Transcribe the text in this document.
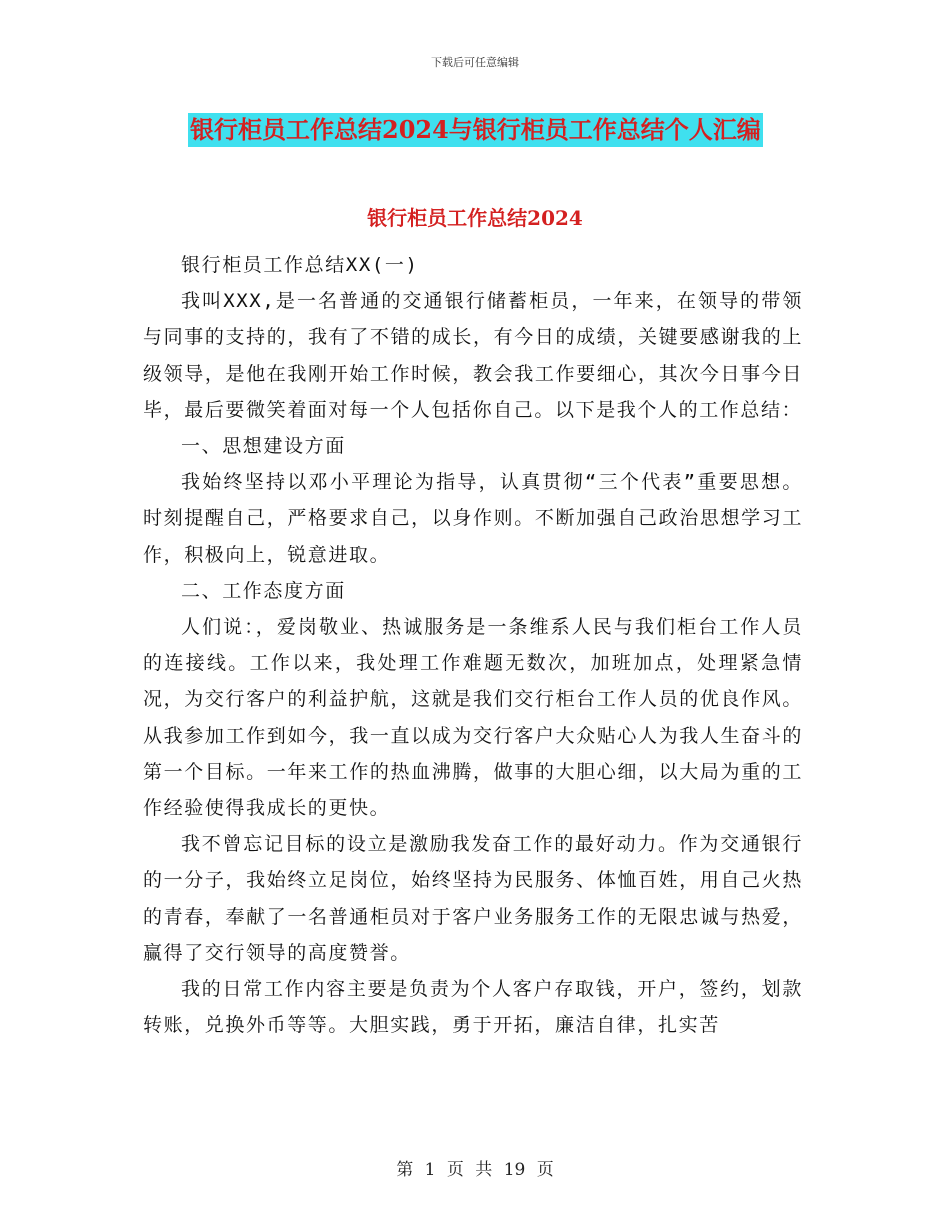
下载后可任意编辑
银行柜员工作总结2024与银行柜员工作总结个人汇编
银行柜员工作总结2024

银行柜员工作总结XX(一)

我叫XXX,是一名普通的交通银行储蓄柜员，一年来，在领导的带领与同事的支持的，我有了不错的成长，有今日的成绩，关键要感谢我的上级领导，是他在我刚开始工作时候，教会我工作要细心，其次今日事今日毕，最后要微笑着面对每一个人包括你自己。以下是我个人的工作总结：

一、思想建设方面

我始终坚持以邓小平理论为指导，认真贯彻“三个代表”重要思想。时刻提醒自己，严格要求自己，以身作则。不断加强自己政治思想学习工作，积极向上，锐意进取。

二、工作态度方面

人们说：，爱岗敬业、热诚服务是一条维系人民与我们柜台工作人员的连接线。工作以来，我处理工作难题无数次，加班加点，处理紧急情况，为交行客户的利益护航，这就是我们交行柜台工作人员的优良作风。从我参加工作到如今，我一直以成为交行客户大众贴心人为我人生奋斗的第一个目标。一年来工作的热血沸腾，做事的大胆心细，以大局为重的工作经验使得我成长的更快。

我不曾忘记目标的设立是激励我发奋工作的最好动力。作为交通银行的一分子，我始终立足岗位，始终坚持为民服务、体恤百姓，用自己火热的青春，奉献了一名普通柜员对于客户业务服务工作的无限忠诚与热爱，赢得了交行领导的高度赞誉。

我的日常工作内容主要是负责为个人客户存取钱，开户，签约，划款转账，兑换外币等等。大胆实践，勇于开拓，廉洁自律，扎实苦

第 1 页 共 19 页
